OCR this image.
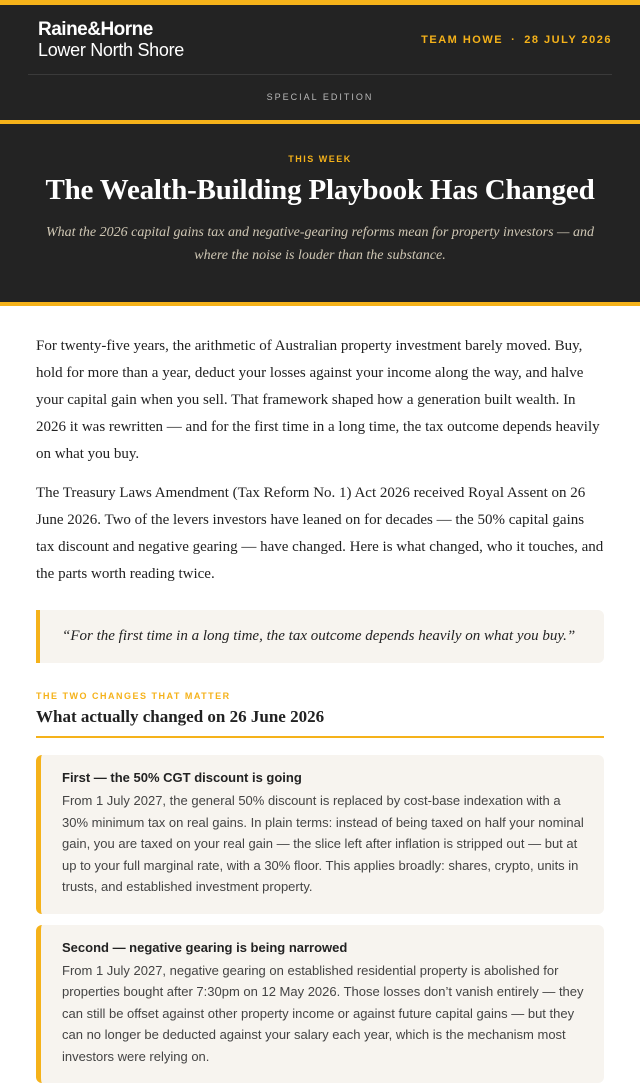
Raine&Horne
Lower North Shore
TEAM HOWE · 28 JULY 2026
SPECIAL EDITION
THIS WEEK
The Wealth-Building Playbook Has Changed

What the 2026 capital gains tax and negative-gearing reforms mean for property investors — and where the noise is louder than the substance.

For twenty-five years, the arithmetic of Australian property investment barely moved. Buy, hold for more than a year, deduct your losses against your income along the way, and halve your capital gain when you sell. That framework shaped how a generation built wealth. In 2026 it was rewritten — and for the first time in a long time, the tax outcome depends heavily on what you buy.

The Treasury Laws Amendment (Tax Reform No. 1) Act 2026 received Royal Assent on 26 June 2026. Two of the levers investors have leaned on for decades — the 50% capital gains tax discount and negative gearing — have changed. Here is what changed, who it touches, and the parts worth reading twice.

“For the first time in a long time, the tax outcome depends heavily on what you buy.”

THE TWO CHANGES THAT MATTER
What actually changed on 26 June 2026
First — the 50% CGT discount is going
From 1 July 2027, the general 50% discount is replaced by cost-base indexation with a 30% minimum tax on real gains. In plain terms: instead of being taxed on half your nominal gain, you are taxed on your real gain — the slice left after inflation is stripped out — but at up to your full marginal rate, with a 30% floor. This applies broadly: shares, crypto, units in trusts, and established investment property.
Second — negative gearing is being narrowed
From 1 July 2027, negative gearing on established residential property is abolished for properties bought after 7:30pm on 12 May 2026. Those losses don’t vanish entirely — they can still be offset against other property income or against future capital gains — but they can no longer be deducted against your salary each year, which is the mechanism most investors were relying on.
